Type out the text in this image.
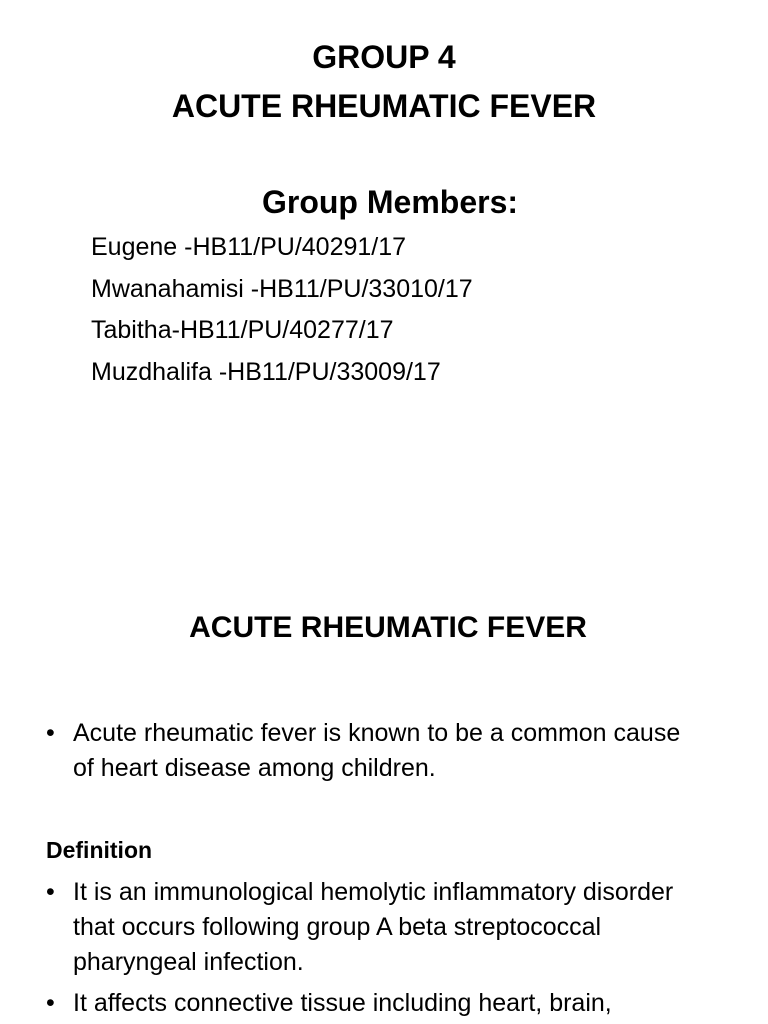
GROUP 4
ACUTE RHEUMATIC FEVER
Group Members:
Eugene -HB11/PU/40291/17
Mwanahamisi -HB11/PU/33010/17
Tabitha-HB11/PU/40277/17
Muzdhalifa -HB11/PU/33009/17
ACUTE RHEUMATIC FEVER
• Acute rheumatic fever is known to be a common cause of heart disease among children.
Definition
• It is an immunological hemolytic inflammatory disorder that occurs following group A beta streptococcal pharyngeal infection.
• It affects connective tissue including heart, brain,
